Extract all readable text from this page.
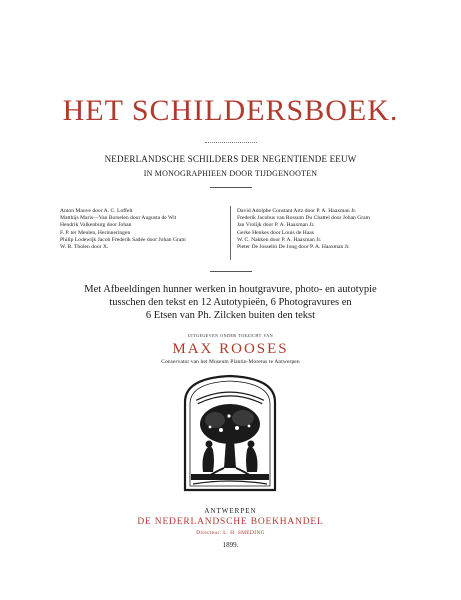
HET SCHILDERSBOEK.
NEDERLANDSCHE SCHILDERS DER NEGENTIENDE EEUW
IN MONOGRAPHIEEN DOOR TIJDGENOOTEN
Anton Mauve door A. C. Loffelt
Matthijs Maris—Van Borselen door Augusta de Wit
Hendrik Valkenburg door Johan
F. P. ter Meulen, Herinneringen
Philip Lodewijk Jacob Frederik Sadée door Johan Gram
W. B. Tholen door X.
David Adolphe Constant Artz door P. A. Haaxman Jr.
Frederik Jacobus van Rossum Du Chattel door Johan Gram
Jan Vrolijk door P. A. Haaxman Jr.
Gerke Henkes door Louis de Haas
W. C. Nakken door P. A. Haaxman Jr.
Pieter De Josselin De Jong door P. A. Haaxman Jr.
Met Afbeeldingen hunner werken in houtgravure, photo- en autotypie
tusschen den tekst en 12 Autotypieën, 6 Photogravures en
6 Etsen van Ph. Zilcken buiten den tekst
uitgegeven onder toezicht van
MAX ROOSES
Conservator van het Museum Plantin-Moretus te Antwerpen
ANTWERPEN
DE NEDERLANDSCHE BOEKHANDEL
Directeur: L. H. SMEDING
1899.
